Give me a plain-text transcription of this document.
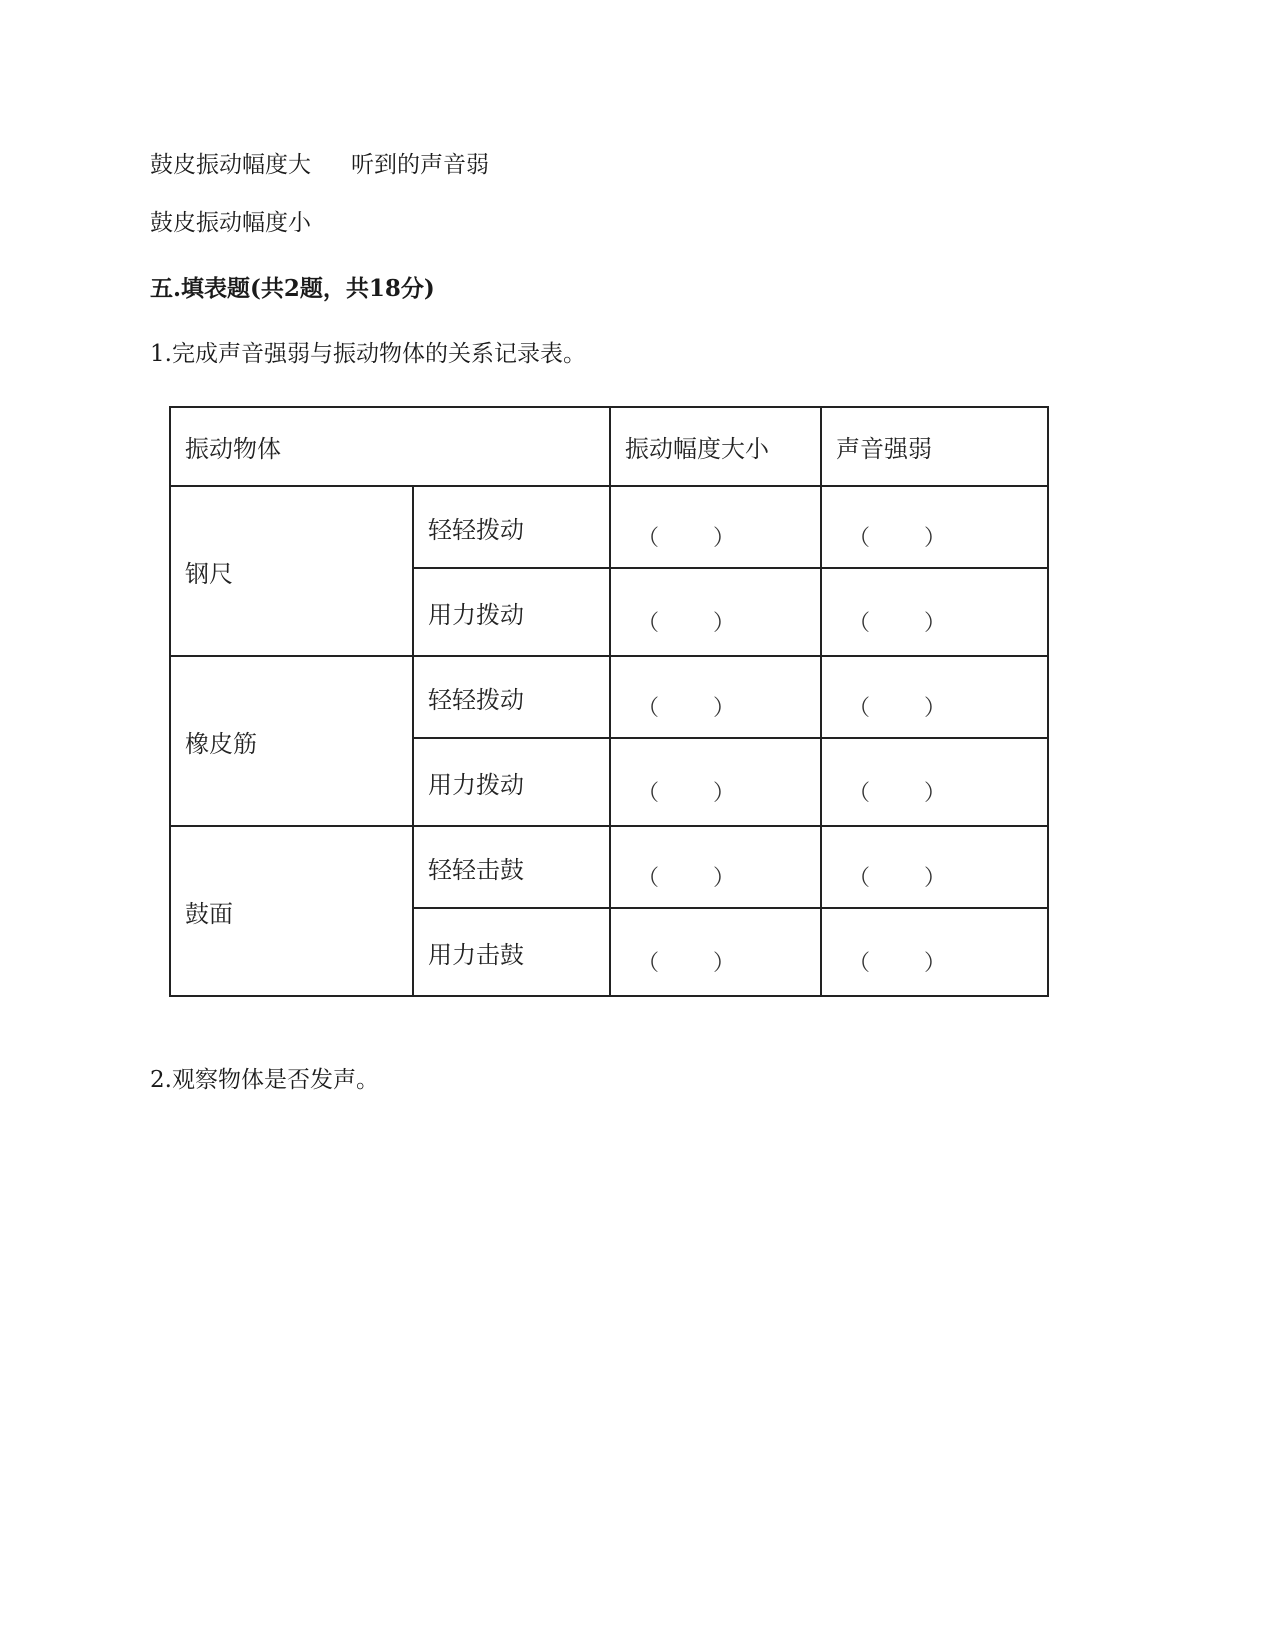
鼓皮振动幅度大 听到的声音弱
鼓皮振动幅度小
五.填表题(共2题，共18分)
1.完成声音强弱与振动物体的关系记录表。
振动物体		振动幅度大小	声音强弱
钢尺	轻轻拨动	（ ）	（ ）

	用力拨动	（ ）	（ ）

橡皮筋	轻轻拨动	（ ）	（ ）

	用力拨动	（ ）	（ ）

鼓面	轻轻击鼓	（ ）	（ ）

	用力击鼓	（ ）	（ ）
2.观察物体是否发声。
